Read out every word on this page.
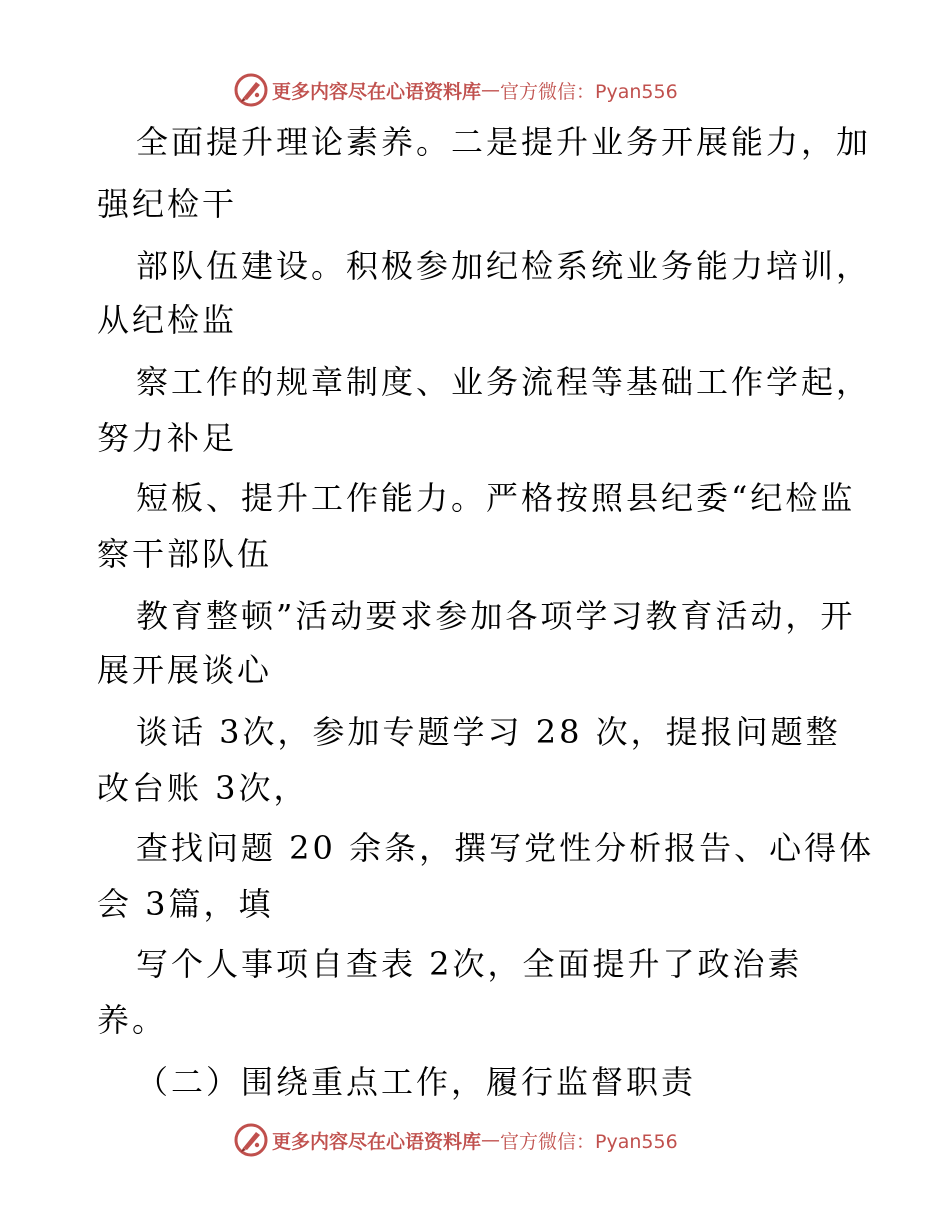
更多内容尽在心语资料库 — 官方微信：Pyan556
全面提升理论素养。二是提升业务开展能力，加
强纪检干
部队伍建设。积极参加纪检系统业务能力培训，
从纪检监
察工作的规章制度、业务流程等基础工作学起，
努力补足
短板、提升工作能力。严格按照县纪委“纪检监
察干部队伍
教育整顿”活动要求参加各项学习教育活动，开
展开展谈心
谈话 3次，参加专题学习 28 次，提报问题整
改台账 3次，
查找问题 20 余条，撰写党性分析报告、心得体
会 3篇，填
写个人事项自查表 2次，全面提升了政治素
养。
（二）围绕重点工作，履行监督职责
更多内容尽在心语资料库 — 官方微信：Pyan556
